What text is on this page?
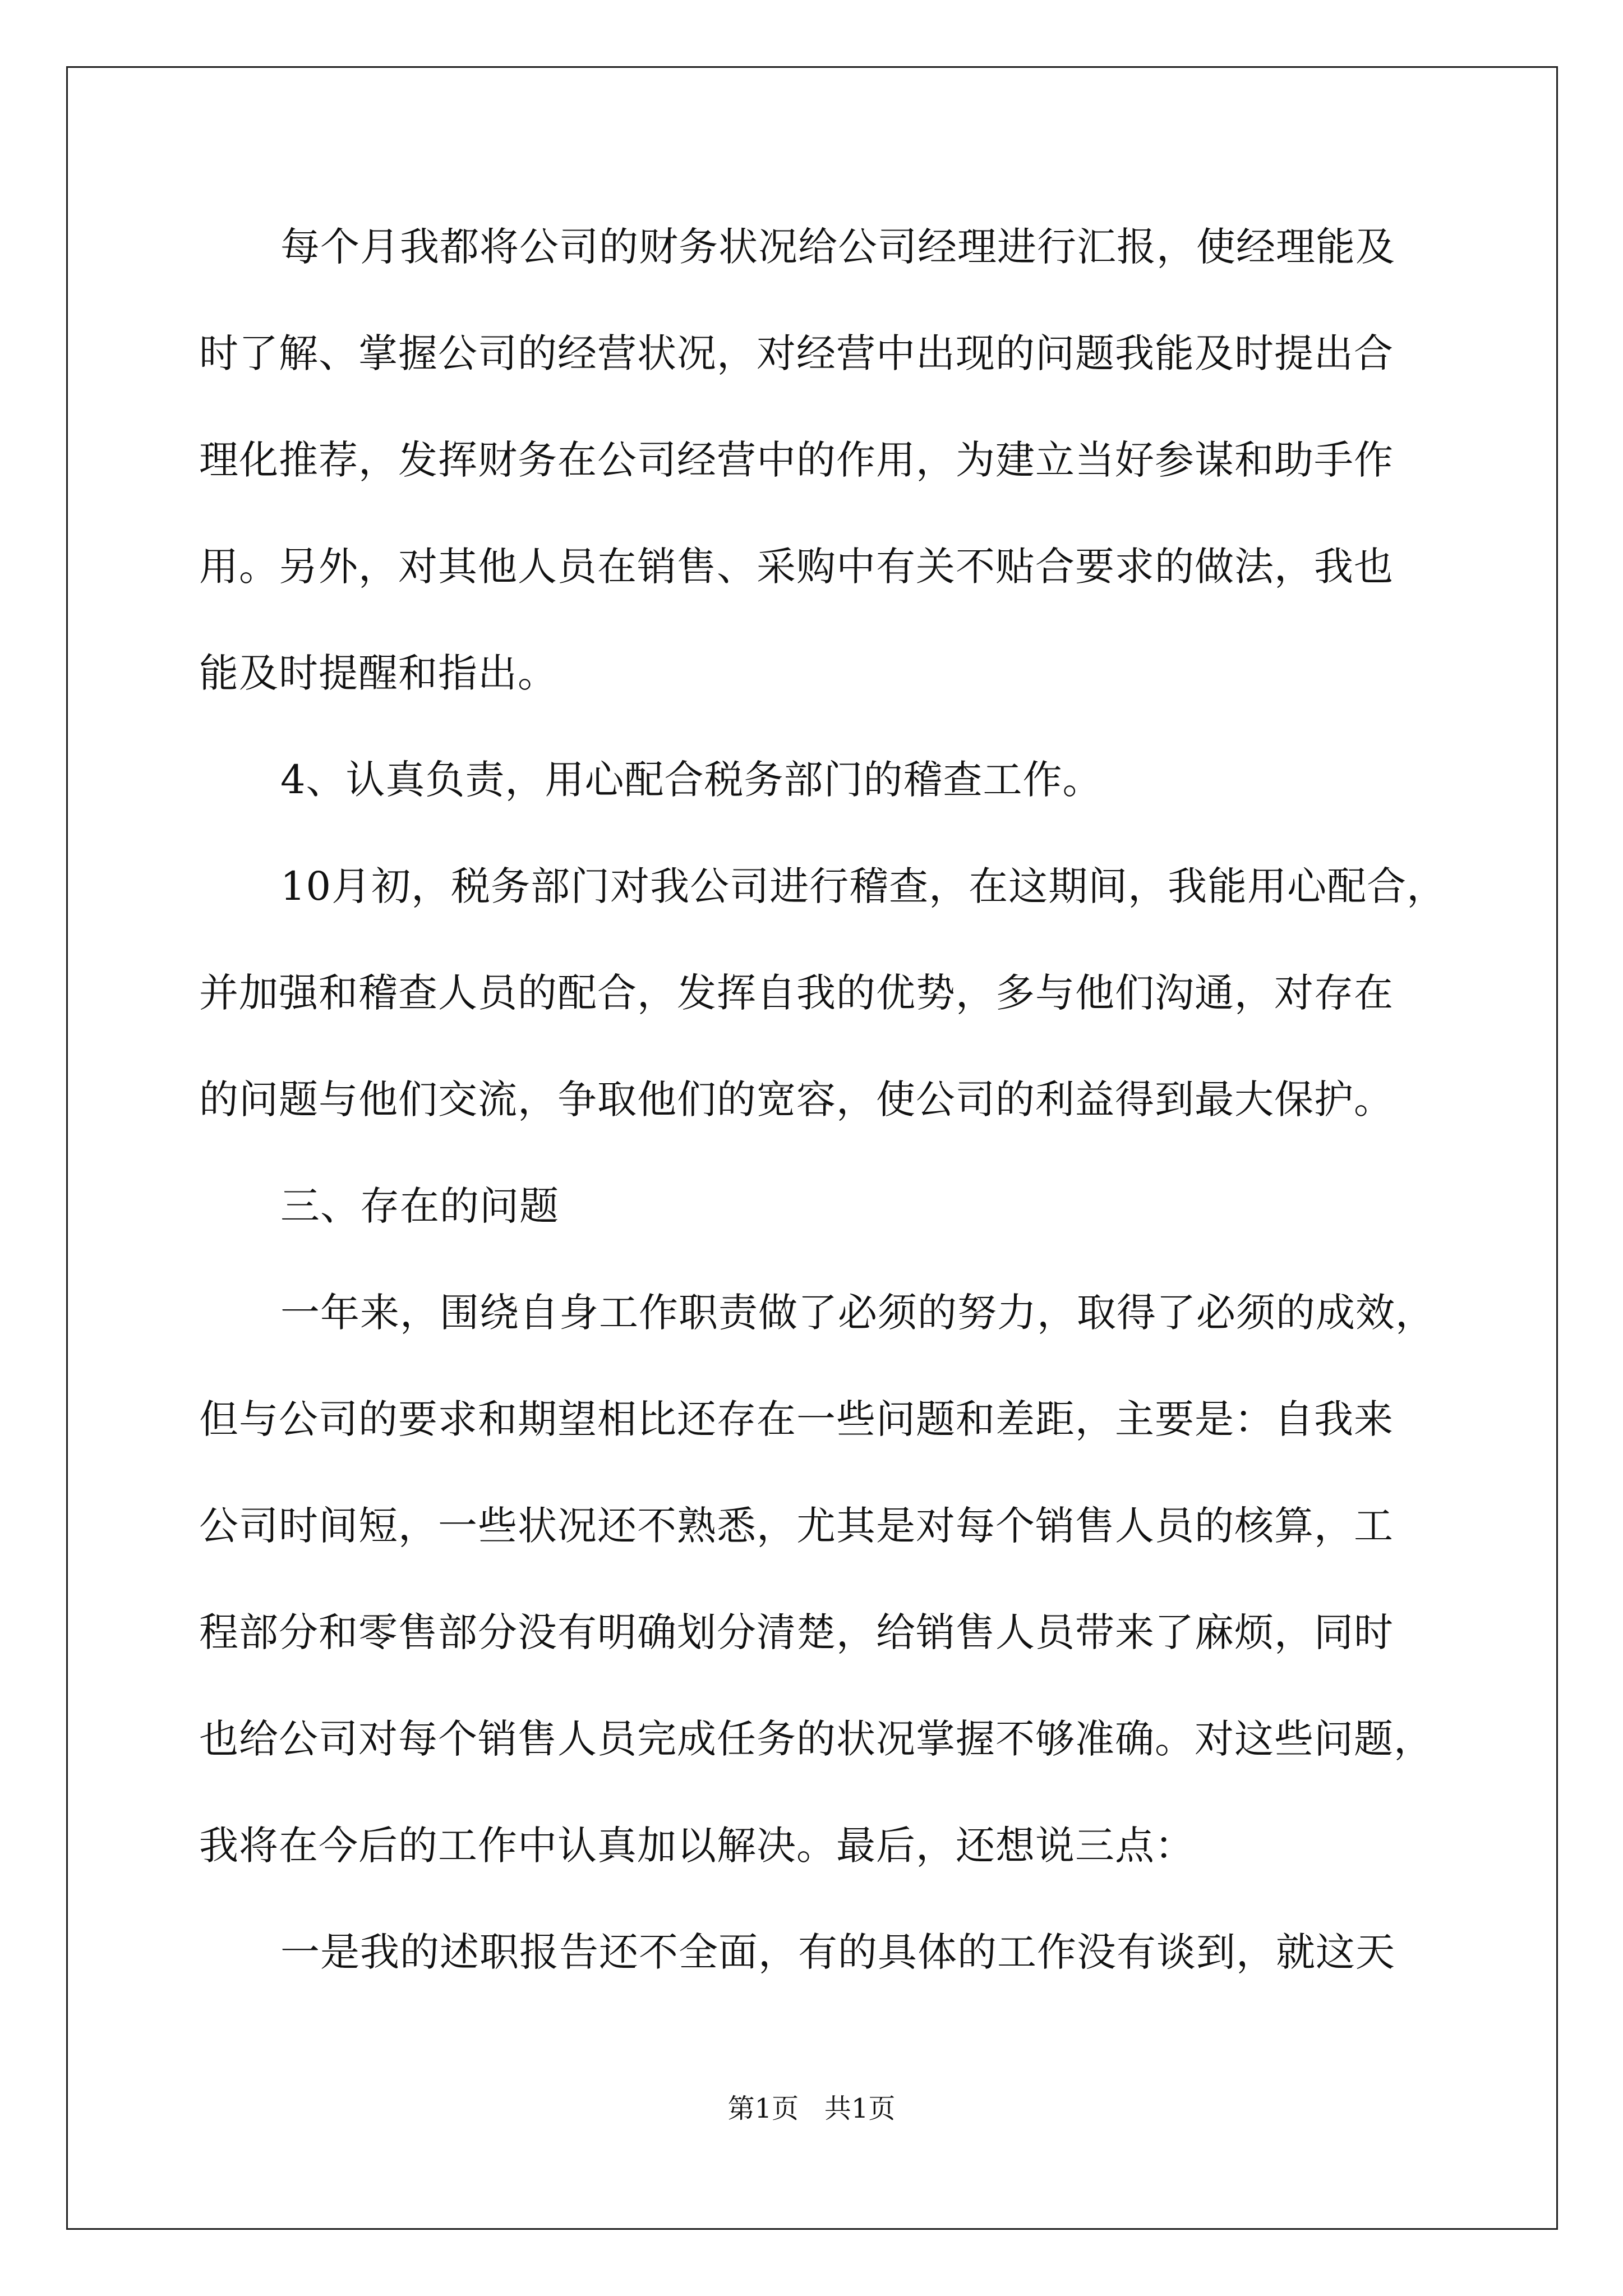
每个月我都将公司的财务状况给公司经理进行汇报，使经理能及
时了解、掌握公司的经营状况，对经营中出现的问题我能及时提出合
理化推荐，发挥财务在公司经营中的作用，为建立当好参谋和助手作
用。另外，对其他人员在销售、采购中有关不贴合要求的做法，我也
能及时提醒和指出。
4、认真负责，用心配合税务部门的稽查工作。
10月初，税务部门对我公司进行稽查，在这期间，我能用心配合，
并加强和稽查人员的配合，发挥自我的优势，多与他们沟通，对存在
的问题与他们交流，争取他们的宽容，使公司的利益得到最大保护。
三、存在的问题
一年来，围绕自身工作职责做了必须的努力，取得了必须的成效，
但与公司的要求和期望相比还存在一些问题和差距，主要是：自我来
公司时间短，一些状况还不熟悉，尤其是对每个销售人员的核算，工
程部分和零售部分没有明确划分清楚，给销售人员带来了麻烦，同时
也给公司对每个销售人员完成任务的状况掌握不够准确。对这些问题，
我将在今后的工作中认真加以解决。最后，还想说三点：
一是我的述职报告还不全面，有的具体的工作没有谈到，就这天
第1页   共1页
